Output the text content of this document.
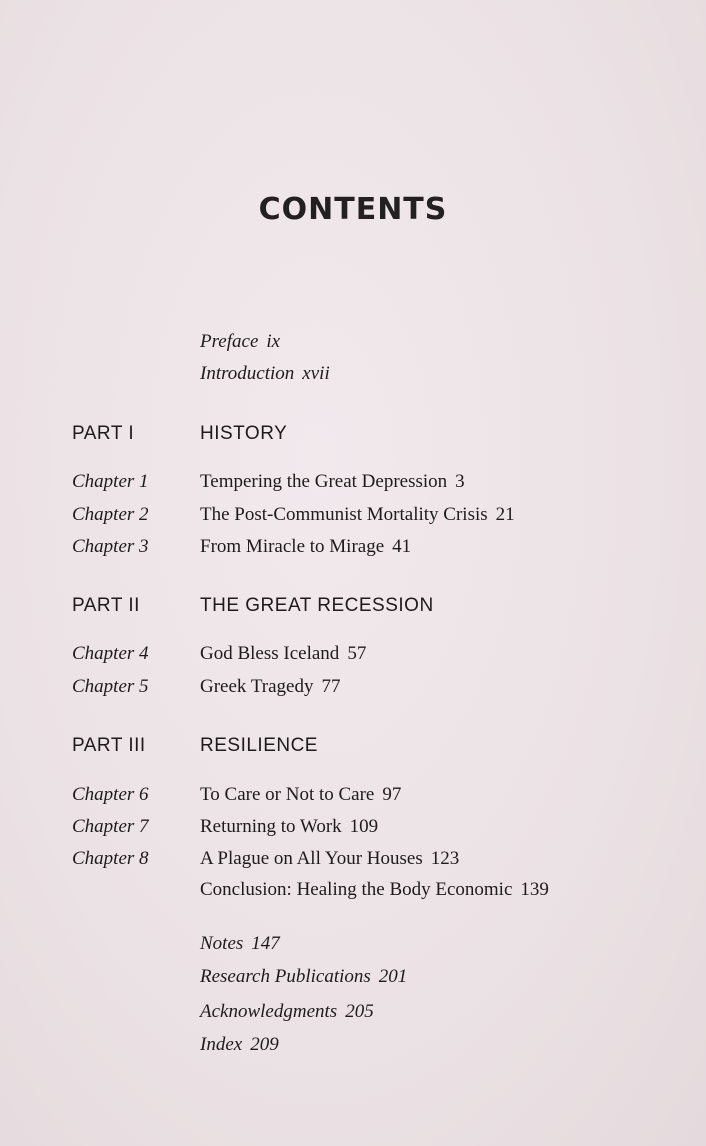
CONTENTS
Preface ix
Introduction xvii
PART I	HISTORY
Chapter 1	Tempering the Great Depression 3
Chapter 2	The Post-Communist Mortality Crisis 21
Chapter 3	From Miracle to Mirage 41
PART II	THE GREAT RECESSION
Chapter 4	God Bless Iceland 57
Chapter 5	Greek Tragedy 77
PART III	RESILIENCE
Chapter 6	To Care or Not to Care 97
Chapter 7	Returning to Work 109
Chapter 8	A Plague on All Your Houses 123
Conclusion: Healing the Body Economic 139
Notes 147
Research Publications 201
Acknowledgments 205
Index 209
